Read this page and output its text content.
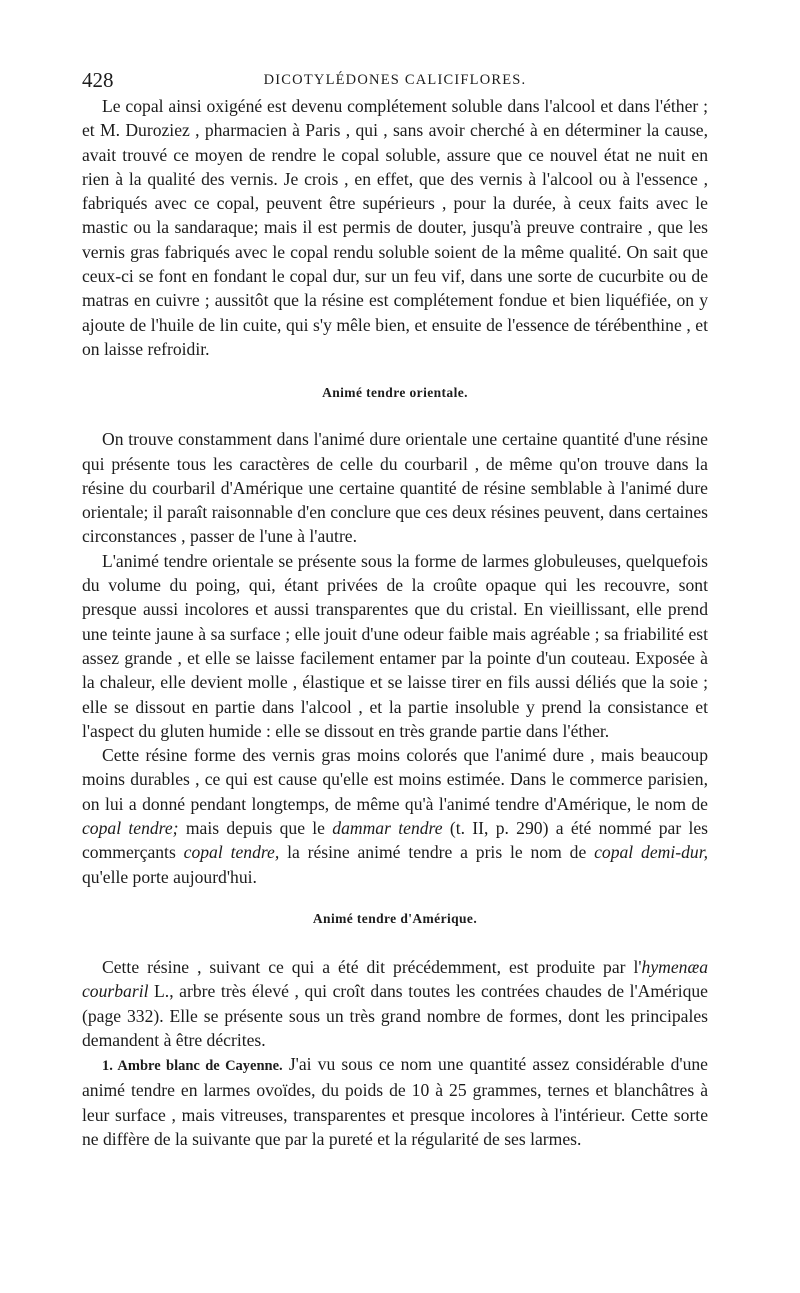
428	DICOTYLÉDONES CALICIFLORES.

Le copal ainsi oxigéné est devenu complétement soluble dans l'alcool et dans l'éther ; et M. Duroziez , pharmacien à Paris , qui , sans avoir cherché à en déterminer la cause, avait trouvé ce moyen de rendre le copal soluble, assure que ce nouvel état ne nuit en rien à la qualité des vernis. Je crois , en effet, que des vernis à l'alcool ou à l'essence , fabriqués avec ce copal, peuvent être supérieurs , pour la durée, à ceux faits avec le mastic ou la sandaraque; mais il est permis de douter, jusqu'à preuve contraire , que les vernis gras fabriqués avec le copal rendu soluble soient de la même qualité. On sait que ceux-ci se font en fondant le copal dur, sur un feu vif, dans une sorte de cucurbite ou de matras en cuivre ; aussitôt que la résine est complétement fondue et bien liquéfiée, on y ajoute de l'huile de lin cuite, qui s'y mêle bien, et ensuite de l'essence de térébenthine , et on laisse refroidir.

Animé tendre orientale.

On trouve constamment dans l'animé dure orientale une certaine quantité d'une résine qui présente tous les caractères de celle du courbaril , de même qu'on trouve dans la résine du courbaril d'Amérique une certaine quantité de résine semblable à l'animé dure orientale; il paraît raisonnable d'en conclure que ces deux résines peuvent, dans certaines circonstances , passer de l'une à l'autre.

L'animé tendre orientale se présente sous la forme de larmes globuleuses, quelquefois du volume du poing, qui, étant privées de la croûte opaque qui les recouvre, sont presque aussi incolores et aussi transparentes que du cristal. En vieillissant, elle prend une teinte jaune à sa surface ; elle jouit d'une odeur faible mais agréable ; sa friabilité est assez grande , et elle se laisse facilement entamer par la pointe d'un couteau. Exposée à la chaleur, elle devient molle , élastique et se laisse tirer en fils aussi déliés que la soie ; elle se dissout en partie dans l'alcool , et la partie insoluble y prend la consistance et l'aspect du gluten humide : elle se dissout en très grande partie dans l'éther.

Cette résine forme des vernis gras moins colorés que l'animé dure , mais beaucoup moins durables , ce qui est cause qu'elle est moins estimée. Dans le commerce parisien, on lui a donné pendant longtemps, de même qu'à l'animé tendre d'Amérique, le nom de copal tendre; mais depuis que le dammar tendre (t. II, p. 290) a été nommé par les commerçants copal tendre, la résine animé tendre a pris le nom de copal demi-dur, qu'elle porte aujourd'hui.

Animé tendre d'Amérique.

Cette résine , suivant ce qui a été dit précédemment, est produite par l'hymenæa courbaril L., arbre très élevé , qui croît dans toutes les contrées chaudes de l'Amérique (page 332). Elle se présente sous un très grand nombre de formes, dont les principales demandent à être décrites.

1. Ambre blanc de Cayenne. J'ai vu sous ce nom une quantité assez considérable d'une animé tendre en larmes ovoïdes, du poids de 10 à 25 grammes, ternes et blanchâtres à leur surface , mais vitreuses, transparentes et presque incolores à l'intérieur. Cette sorte ne diffère de la suivante que par la pureté et la régularité de ses larmes.
